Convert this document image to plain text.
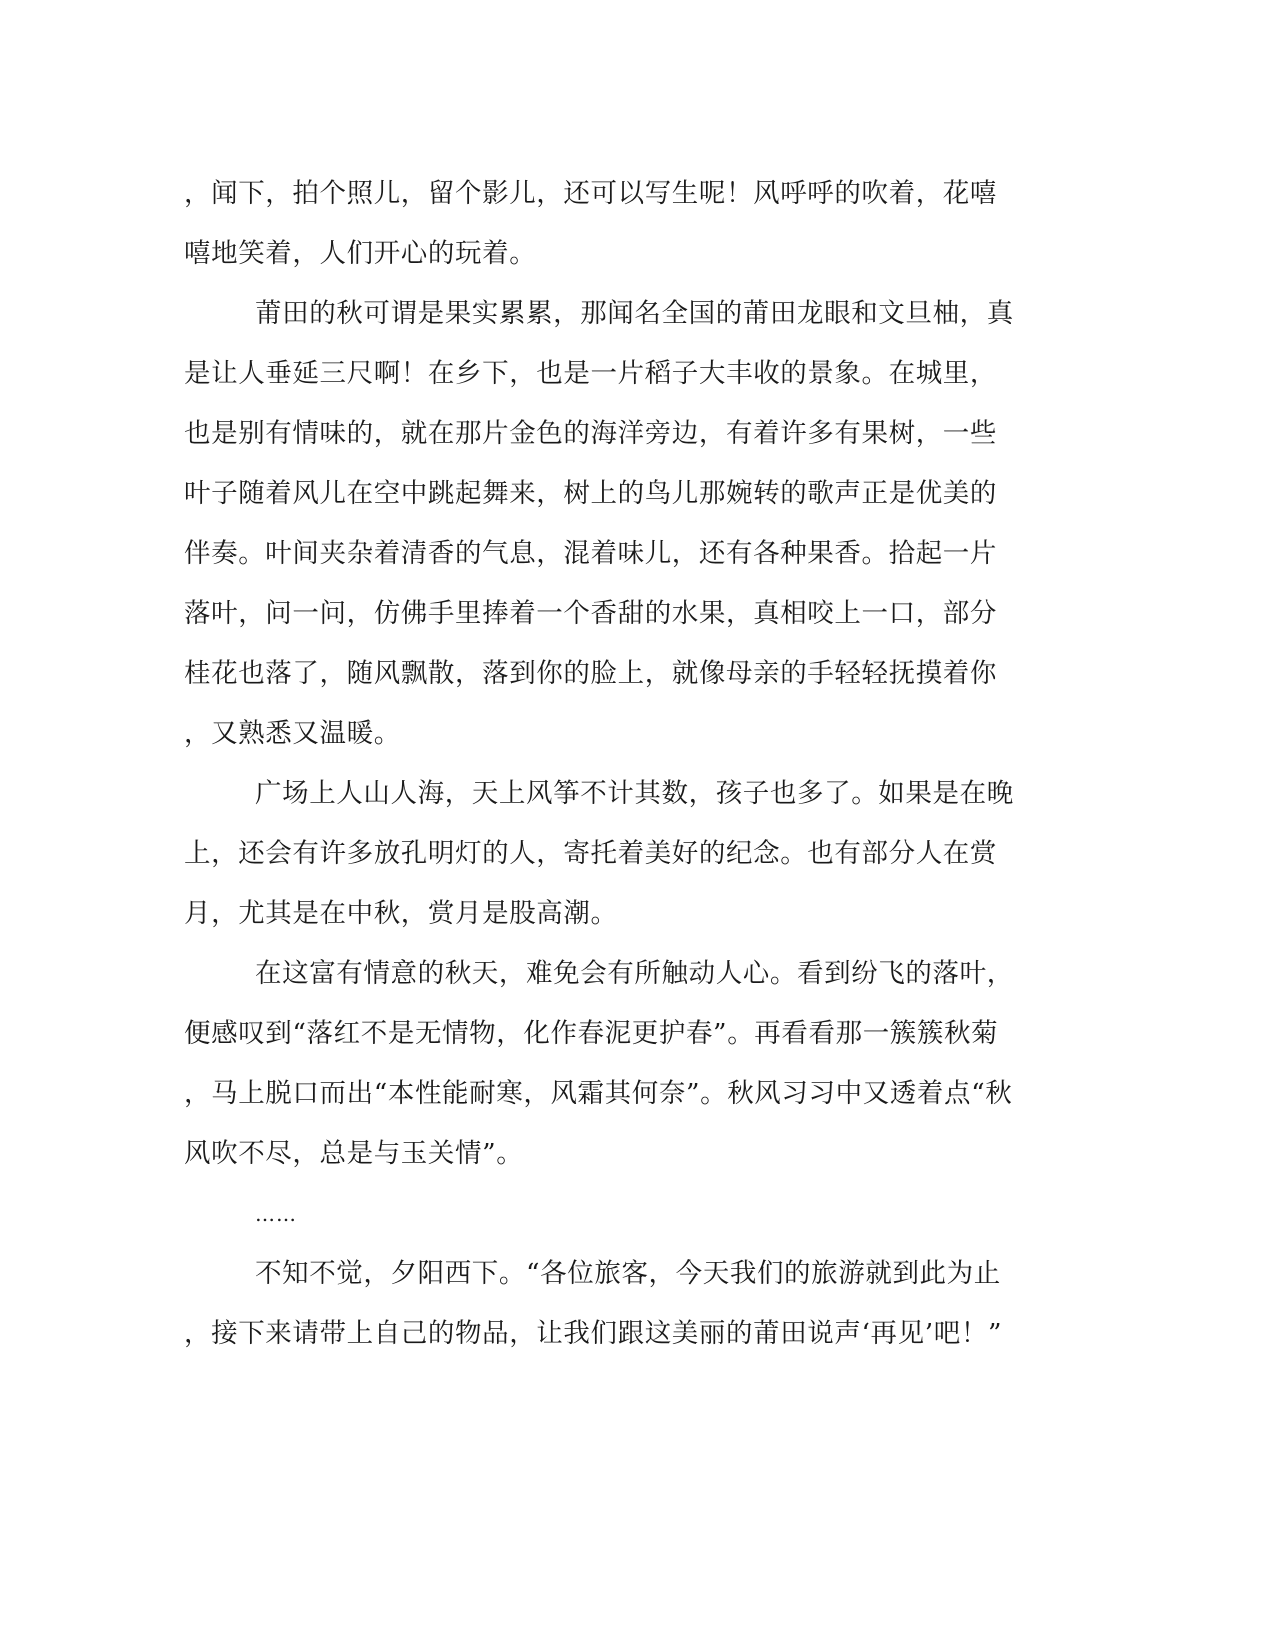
，闻下，拍个照儿，留个影儿，还可以写生呢！风呼呼的吹着，花嘻
嘻地笑着，人们开心的玩着。
莆田的秋可谓是果实累累，那闻名全国的莆田龙眼和文旦柚，真
是让人垂延三尺啊！在乡下，也是一片稻子大丰收的景象。在城里，
也是别有情味的，就在那片金色的海洋旁边，有着许多有果树，一些
叶子随着风儿在空中跳起舞来，树上的鸟儿那婉转的歌声正是优美的
伴奏。叶间夹杂着清香的气息，混着味儿，还有各种果香。拾起一片
落叶，问一问，仿佛手里捧着一个香甜的水果，真相咬上一口，部分
桂花也落了，随风飘散，落到你的脸上，就像母亲的手轻轻抚摸着你
，又熟悉又温暖。
广场上人山人海，天上风筝不计其数，孩子也多了。如果是在晚
上，还会有许多放孔明灯的人，寄托着美好的纪念。也有部分人在赏
月，尤其是在中秋，赏月是股高潮。
在这富有情意的秋天，难免会有所触动人心。看到纷飞的落叶，
便感叹到“落红不是无情物，化作春泥更护春”。再看看那一簇簇秋菊
，马上脱口而出“本性能耐寒，风霜其何奈”。秋风习习中又透着点“秋
风吹不尽，总是与玉关情”。
……
不知不觉，夕阳西下。“各位旅客，今天我们的旅游就到此为止
，接下来请带上自己的物品，让我们跟这美丽的莆田说声‘再见’吧！”
